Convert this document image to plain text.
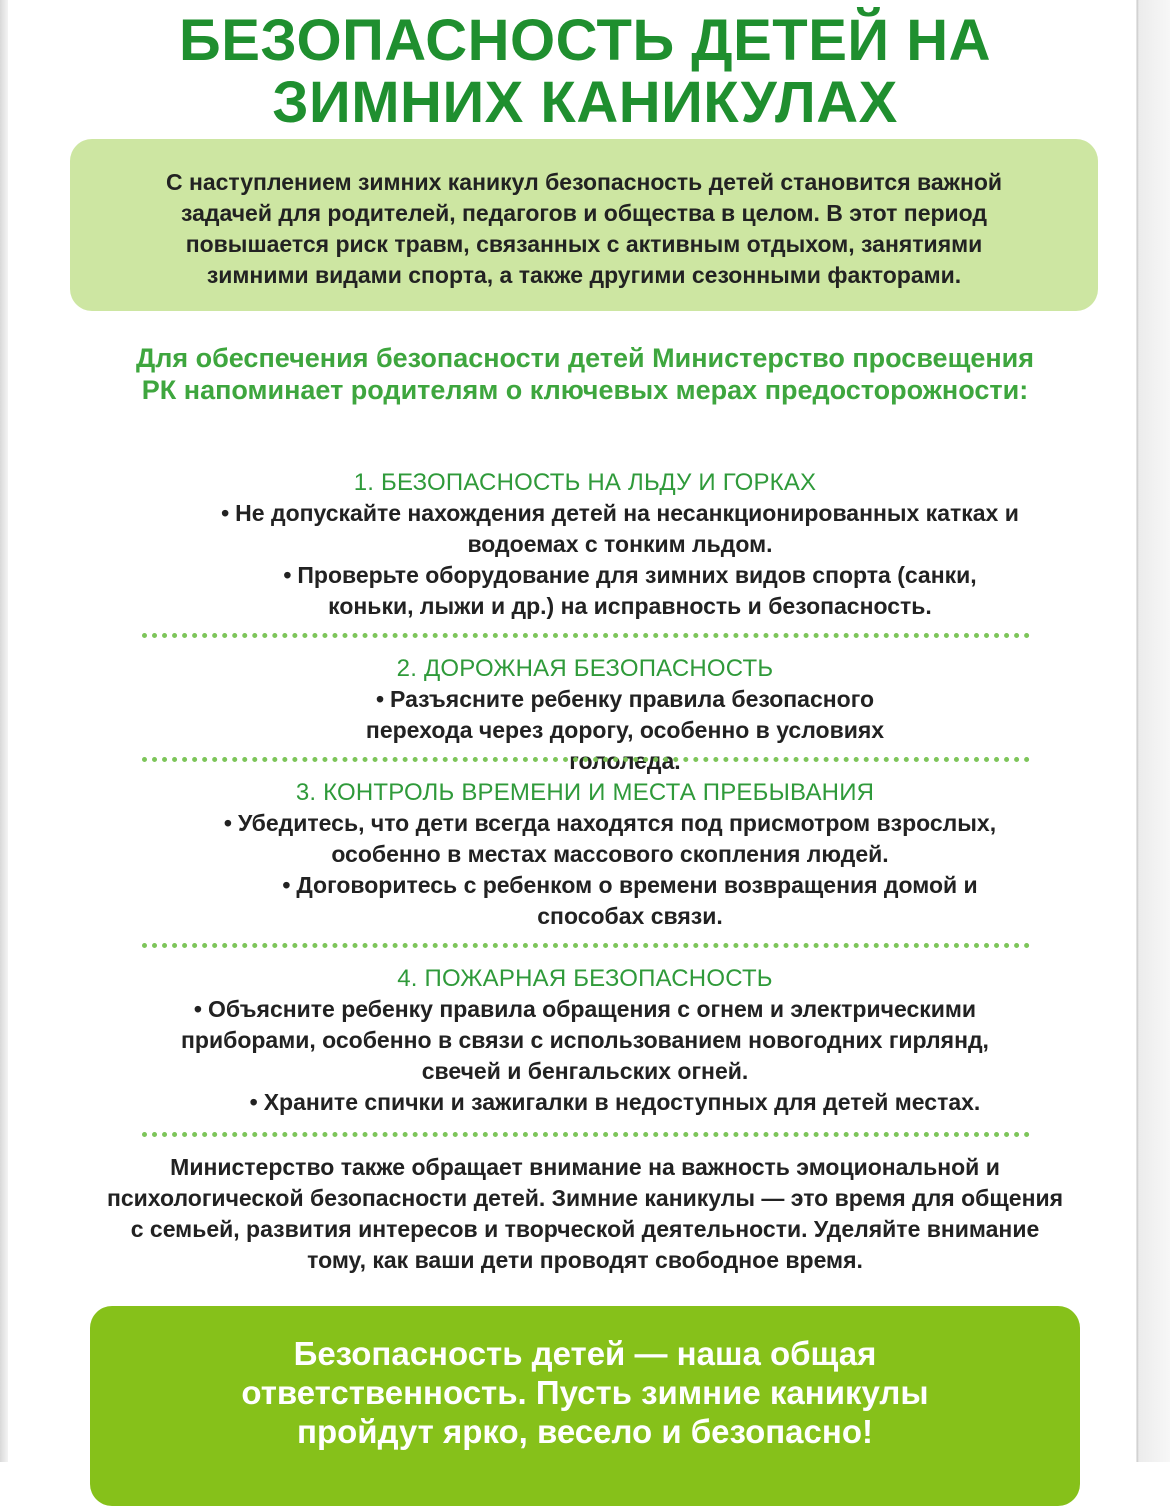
БЕЗОПАСНОСТЬ ДЕТЕЙ НА ЗИМНИХ КАНИКУЛАХ
С наступлением зимних каникул безопасность детей становится важной задачей для родителей, педагогов и общества в целом. В этот период повышается риск травм, связанных с активным отдыхом, занятиями зимними видами спорта, а также другими сезонными факторами.
Для обеспечения безопасности детей Министерство просвещения РК напоминает родителям о ключевых мерах предосторожности:
1. БЕЗОПАСНОСТЬ НА ЛЬДУ И ГОРКАХ
• Не допускайте нахождения детей на несанкционированных катках и водоемах с тонким льдом.
• Проверьте оборудование для зимних видов спорта (санки, коньки, лыжи и др.) на исправность и безопасность.
2. ДОРОЖНАЯ БЕЗОПАСНОСТЬ
• Разъясните ребенку правила безопасного перехода через дорогу, особенно в условиях гололеда.
3. КОНТРОЛЬ ВРЕМЕНИ И МЕСТА ПРЕБЫВАНИЯ
• Убедитесь, что дети всегда находятся под присмотром взрослых, особенно в местах массового скопления людей.
• Договоритесь с ребенком о времени возвращения домой и способах связи.
4. ПОЖАРНАЯ БЕЗОПАСНОСТЬ
• Объясните ребенку правила обращения с огнем и электрическими приборами, особенно в связи с использованием новогодних гирлянд, свечей и бенгальских огней.
• Храните спички и зажигалки в недоступных для детей местах.
Министерство также обращает внимание на важность эмоциональной и психологической безопасности детей. Зимние каникулы — это время для общения с семьей, развития интересов и творческой деятельности. Уделяйте внимание тому, как ваши дети проводят свободное время.
Безопасность детей — наша общая ответственность. Пусть зимние каникулы пройдут ярко, весело и безопасно!
